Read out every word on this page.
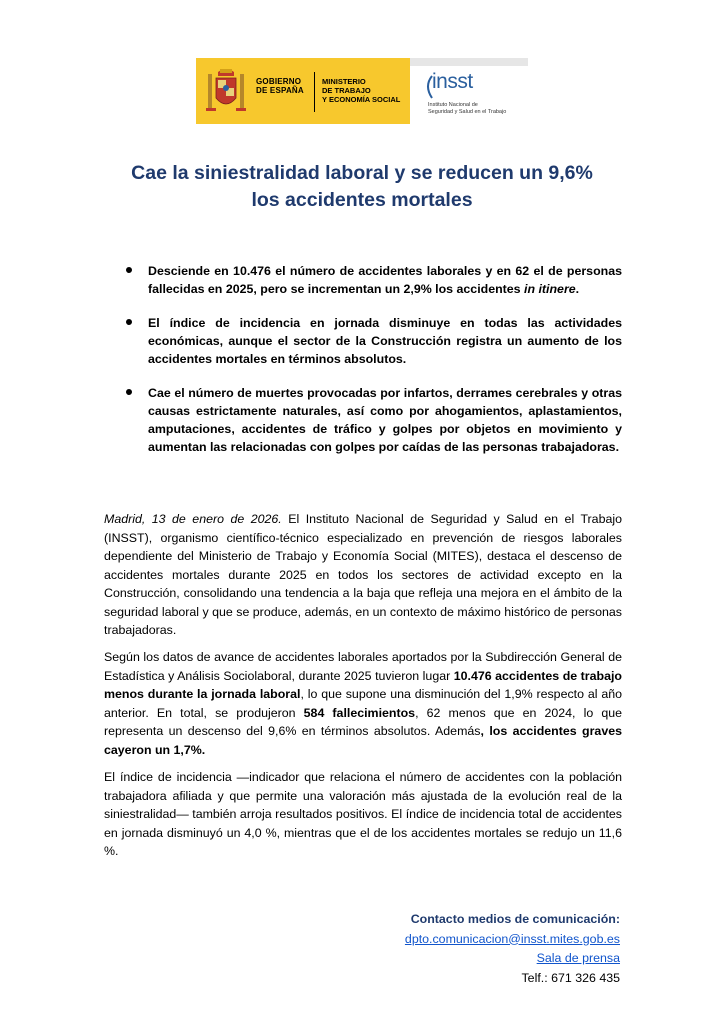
GOBIERNO
DE ESPAÑA
MINISTERIO
DE TRABAJO
Y ECONOMÍA SOCIAL
insst
Instituto Nacional de
Seguridad y Salud en el Trabajo
Cae la siniestralidad laboral y se reducen un 9,6%
los accidentes mortales
Desciende en 10.476 el número de accidentes laborales y en 62 el de personas fallecidas en 2025, pero se incrementan un 2,9% los accidentes in itinere.
El índice de incidencia en jornada disminuye en todas las actividades económicas, aunque el sector de la Construcción registra un aumento de los accidentes mortales en términos absolutos.
Cae el número de muertes provocadas por infartos, derrames cerebrales y otras causas estrictamente naturales, así como por ahogamientos, aplastamientos, amputaciones, accidentes de tráfico y golpes por objetos en movimiento y aumentan las relacionadas con golpes por caídas de las personas trabajadoras.

Madrid, 13 de enero de 2026. El Instituto Nacional de Seguridad y Salud en el Trabajo (INSST), organismo científico-técnico especializado en prevención de riesgos laborales dependiente del Ministerio de Trabajo y Economía Social (MITES), destaca el descenso de accidentes mortales durante 2025 en todos los sectores de actividad excepto en la Construcción, consolidando una tendencia a la baja que refleja una mejora en el ámbito de la seguridad laboral y que se produce, además, en un contexto de máximo histórico de personas trabajadoras.

Según los datos de avance de accidentes laborales aportados por la Subdirección General de Estadística y Análisis Sociolaboral, durante 2025 tuvieron lugar 10.476 accidentes de trabajo menos durante la jornada laboral, lo que supone una disminución del 1,9% respecto al año anterior. En total, se produjeron 584 fallecimientos, 62 menos que en 2024, lo que representa un descenso del 9,6% en términos absolutos. Además, los accidentes graves cayeron un 1,7%.

El índice de incidencia —indicador que relaciona el número de accidentes con la población trabajadora afiliada y que permite una valoración más ajustada de la evolución real de la siniestralidad— también arroja resultados positivos. El índice de incidencia total de accidentes en jornada disminuyó un 4,0 %, mientras que el de los accidentes mortales se redujo un 11,6 %.

Contacto medios de comunicación:
dpto.comunicacion@insst.mites.gob.es
Sala de prensa
Telf.: 671 326 435
